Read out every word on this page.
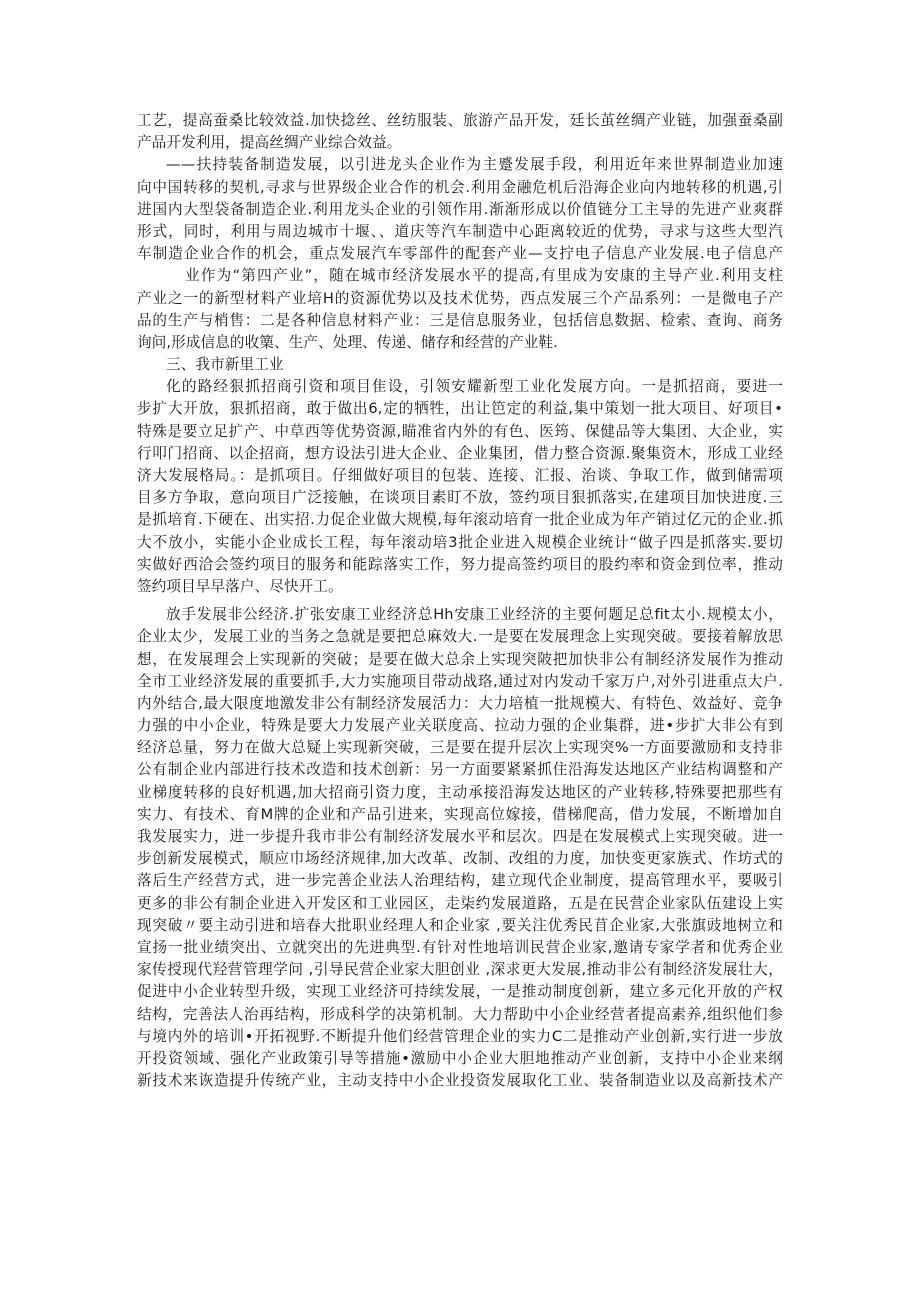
工艺，提高蚕桑比较效益.加快捻丝、丝纺服装、旅游产品开发，廷长茧丝绸产业链，加强蚕桑副
产品开发利用，提高丝绸产业综合效益。
——扶持装备制造发展，以引进龙头企业作为主蹙发展手段，利用近年来世界制造业加速
向中国转移的契机,寻求与世界级企业合作的机会.利用金融危机后沿海企业向内地转移的机遇,引
进国内大型袋备制造企业.利用龙头企业的引领作用.渐渐形成以价值链分工主导的先进产业爽群
形式，同时，利用与周边城市十堰、、道庆等汽车制造中心距离较近的优势，寻求与这些大型汽
车制造企业合作的机会，重点发展汽车零部件的配套产业—支拧电子信息产业发展.电子信息产
业作为“第四产业”，随在城市经济发展水平的提高,有里成为安康的主导产业.利用支柱
产业之一的新型材料产业培H的资源优势以及技术优势，西点发展三个产品系列：一是微电子产
品的生产与梢售：二是各种信息材料产业：三是信息服务业，包括信息数据、检索、查询、商务
询问,形成信息的收篥、生产、处理、传递、储存和经营的产业鞋.
三、我市新里工业
化的路经狠抓招商引资和项目隹设，引领安耀新型工业化发展方向。一是抓招商，要进一
步扩大开放，狠抓招商，敢于做出6,定的牺牲，出让笆定的利益,集中策划一批大项目、好项目•
特殊是要立足扩产、中草西等优势资源,瞄准省内外的有色、医筠、保健品等大集团、大企业，实
行叩门招商、以企招商，想方设法引进大企业、企业集团，借力整合资源.聚集资木，形成工业经
济大发展格局。：是抓项目。仔细做好项目的包装、连接、汇报、治谈、争取工作，做到储需项
目多方争取，意向项目广泛接触，在谈项目素盯不放，签约项目狠抓落实,在建项目加快进度.三
是抓培育.下硬在、出实招.力促企业做大规模,每年滚动培育一批企业成为年产销过亿元的企业.抓
大不放小，实能小企业成长工程，每年滚动培3批企业进入规模企业统计“做子四是抓落实.要切
实做好西洽会签约项目的服务和能踪落实工作，努力提高签约项目的股约率和资金到位率，推动
签约项目早早落户、尽快开工。
放手发展非公经济.扩张安康工业经济总Hh安康工业经济的主要何题足总fit太小.规模太小，
企业太少，发展工业的当务之急就是要把总麻效大.一是要在发展理念上实现突破。要接着解放思
想，在发展理会上实现新的突破；是要在做大总余上实现突陂把加快非公有制经济发展作为推动
全市工业经济发展的重要抓手,大力实施项目带动战珞,通过对内发动千家万户,对外引进重点大户.
内外结合,最大限度地激发非公有制经济发展活力：大力培植一批规模大、有特色、效益好、竞争
力强的中小企业，特殊是要大力发展产业关联度高、拉动力强的企业集群，进•步扩大非公有到
经济总量，努力在做大总疑上实现新突破，三是要在提升层次上实现突%一方面要激励和支持非
公有制企业内部进行技术改造和技术创新：另一方面要紧紧抓住沿海发达地区产业结构调整和产
业梯度转移的良好机遇,加大招商引资力度，主动承接沿海发达地区的产业转移,特殊要把那些有
实力、有技术、育M牌的企业和产品引进来，实现高位嫁接，借梯爬高，借力发展，不断增加自
我发展实力，进一步提升我市非公有制经济发展水平和层次。四是在发展模式上实现突破。进一
步创新发展模式，顺应巾场经济规律,加大改革、改制、改组的力度，加快变更家族式、作坊式的
落后生产经营方式，进一步完善企业法人治理结构，建立现代企业制度，提高管理水平，要吸引
更多的非公有制企业进入开发区和工业园区，走柒约发展道路，五是在民营企业家队伍建设上实
现突破〃要主动引进和培春大批职业经理人和企业家 ,要关注优秀民苜企业家,大张旗豉地树立和
宣扬一批业绩突出、立就突出的先进典型.有针对性地培训民营企业家,邀请专家学者和优秀企业
家传授现代羟营管理学问 ,引导民营企业家大胆创业 ,深求更大发展,推动非公有制经济发展壮大，
促进中小企业转型升级，实现工业经济可持续发展，一是推动制度创新，建立多元化开放的产权
结构，完善法人治再结构，形成科学的决第机制。大力帮助中小企业经营者提高素养,组织他们参
与境内外的培训•开拓视野.不断提升他们经营管理企业的实力C二是推动产业创新,实行进一步放
开投资领域、强化产业政策引导等措施•激励中小企业大胆地推动产业创新，支持中小企业来纲
新技术来诙造提升传统产业，主动支持中小企业投资发展取化工业、装备制造业以及高新技术产
